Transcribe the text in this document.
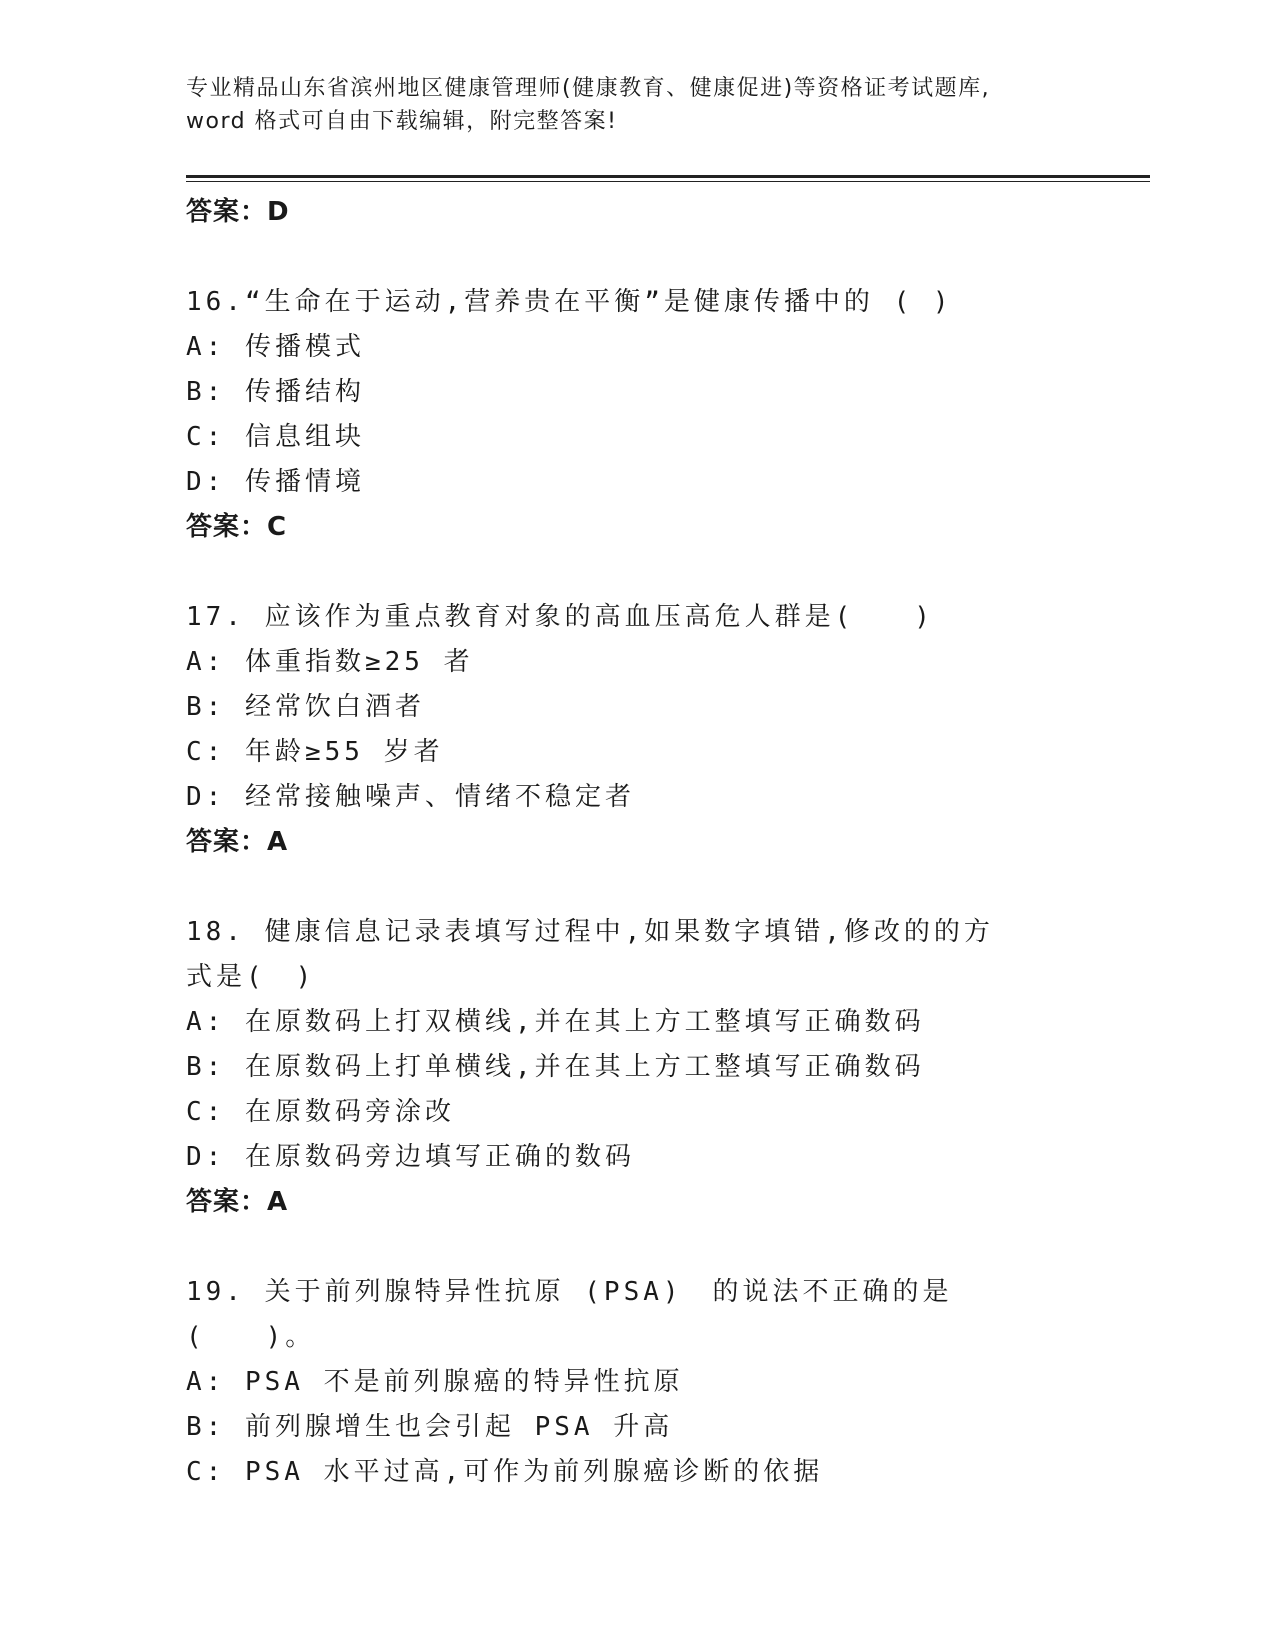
专业精品山东省滨州地区健康管理师(健康教育、健康促进)等资格证考试题库,

word 格式可自由下载编辑，附完整答案!

答案：D
16.“生命在于运动,营养贵在平衡”是健康传播中的 ( )
A: 传播模式
B: 传播结构
C: 信息组块
D: 传播情境
答案：C
17. 应该作为重点教育对象的高血压高危人群是(　　)
A: 体重指数≥25 者
B: 经常饮白酒者
C: 年龄≥55 岁者
D: 经常接触噪声、情绪不稳定者
答案：A
18. 健康信息记录表填写过程中,如果数字填错,修改的的方式是(　)
A: 在原数码上打双横线,并在其上方工整填写正确数码
B: 在原数码上打单横线,并在其上方工整填写正确数码
C: 在原数码旁涂改
D: 在原数码旁边填写正确的数码
答案：A
19. 关于前列腺特异性抗原 (PSA)　的说法不正确的是(　　)。
A: PSA 不是前列腺癌的特异性抗原
B: 前列腺增生也会引起 PSA 升高
C: PSA 水平过高,可作为前列腺癌诊断的依据
